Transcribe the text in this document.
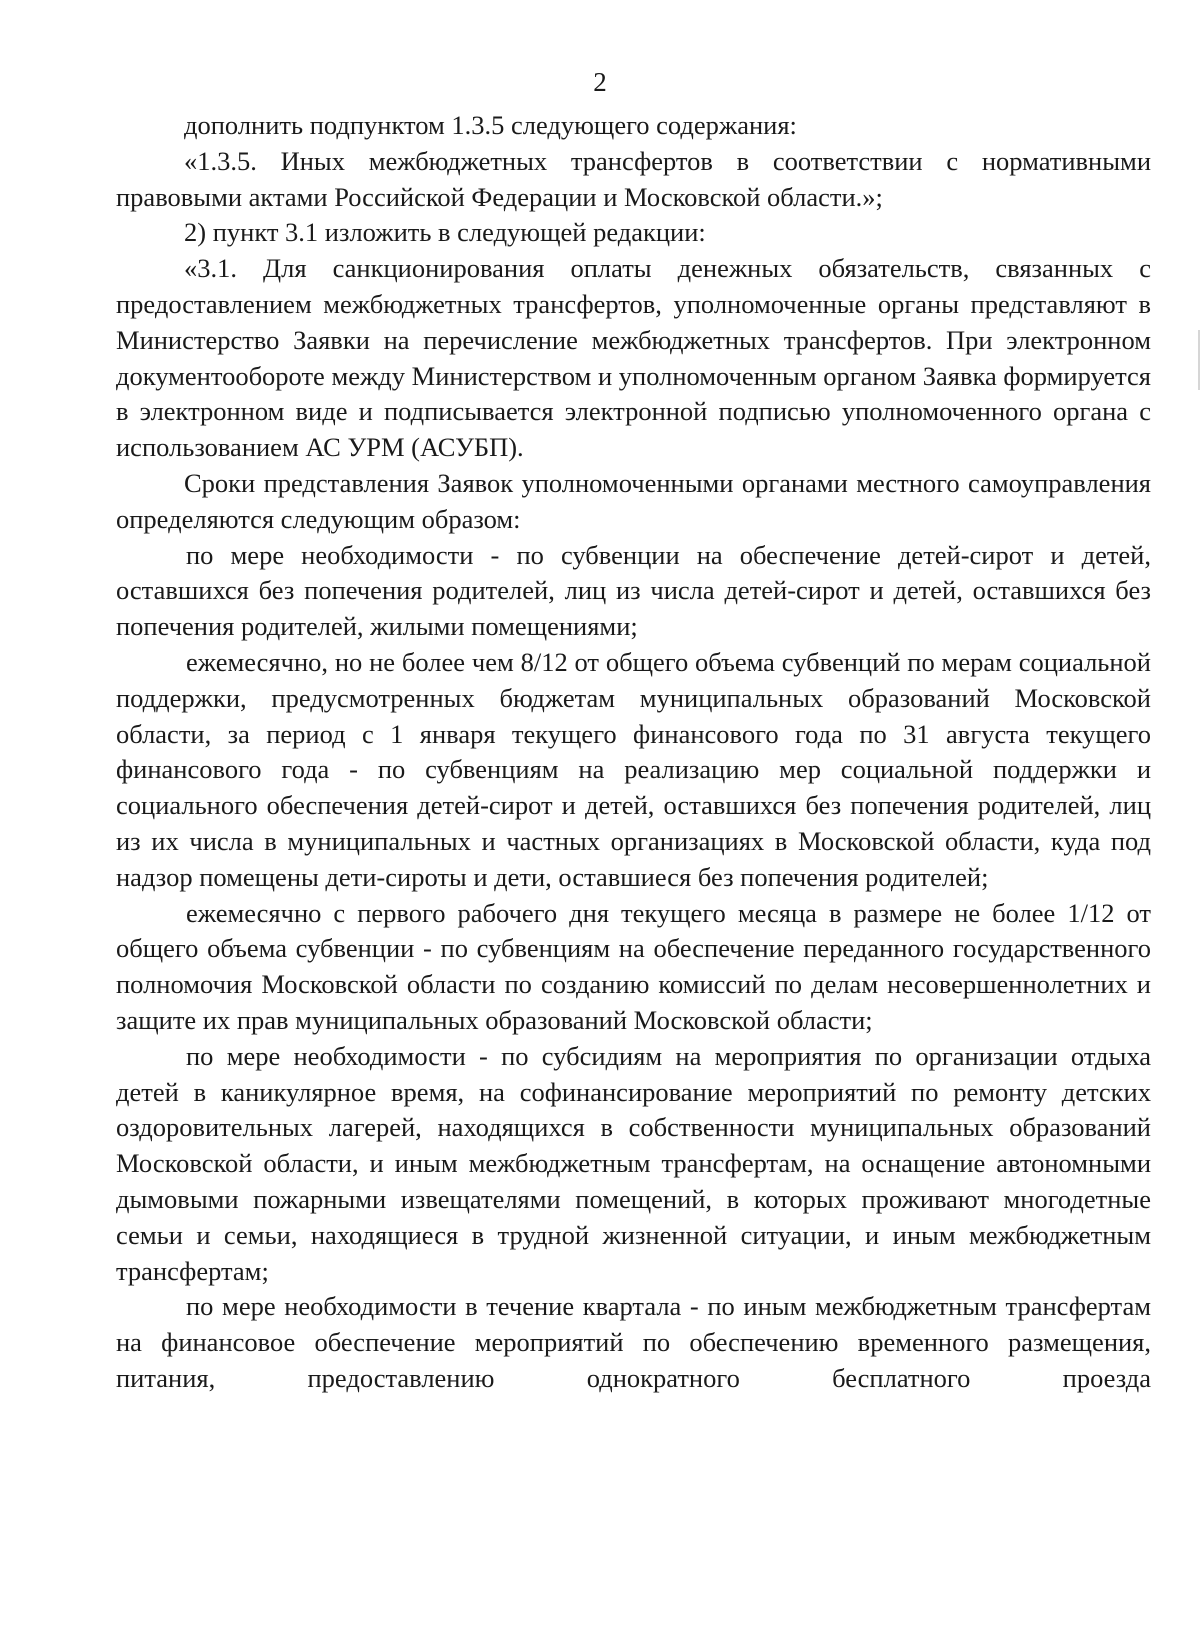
2

дополнить подпунктом 1.3.5 следующего содержания:

«1.3.5. Иных межбюджетных трансфертов в соответствии с нормативными правовыми актами Российской Федерации и Московской области.»;

2) пункт 3.1 изложить в следующей редакции:

«3.1. Для санкционирования оплаты денежных обязательств, связанных с предоставлением межбюджетных трансфертов, уполномоченные органы представляют в Министерство Заявки на перечисление межбюджетных трансфертов. При электронном документообороте между Министерством и уполномоченным органом Заявка формируется в электронном виде и подписывается электронной подписью уполномоченного органа с использованием АС УРМ (АСУБП).

Сроки представления Заявок уполномоченными органами местного самоуправления определяются следующим образом:

по мере необходимости - по субвенции на обеспечение детей-сирот и детей, оставшихся без попечения родителей, лиц из числа детей-сирот и детей, оставшихся без попечения родителей, жилыми помещениями;

ежемесячно, но не более чем 8/12 от общего объема субвенций по мерам социальной поддержки, предусмотренных бюджетам муниципальных образований Московской области, за период с 1 января текущего финансового года по 31 августа текущего финансового года - по субвенциям на реализацию мер социальной поддержки и социального обеспечения детей-сирот и детей, оставшихся без попечения родителей, лиц из их числа в муниципальных и частных организациях в Московской области, куда под надзор помещены дети-сироты и дети, оставшиеся без попечения родителей;

ежемесячно с первого рабочего дня текущего месяца в размере не более 1/12 от общего объема субвенции - по субвенциям на обеспечение переданного государственного полномочия Московской области по созданию комиссий по делам несовершеннолетних и защите их прав муниципальных образований Московской области;

по мере необходимости - по субсидиям на мероприятия по организации отдыха детей в каникулярное время, на софинансирование мероприятий по ремонту детских оздоровительных лагерей, находящихся в собственности муниципальных образований Московской области, и иным межбюджетным трансфертам, на оснащение автономными дымовыми пожарными извещателями помещений, в которых проживают многодетные семьи и семьи, находящиеся в трудной жизненной ситуации, и иным межбюджетным трансфертам;

по мере необходимости в течение квартала - по иным межбюджетным трансфертам на финансовое обеспечение мероприятий по обеспечению временного размещения, питания, предоставлению однократного бесплатного проезда
